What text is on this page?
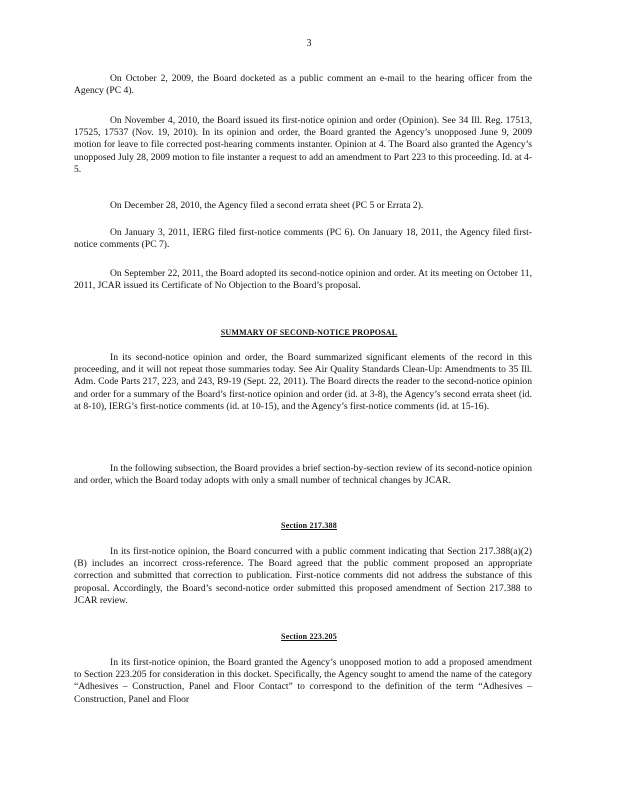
3

On October 2, 2009, the Board docketed as a public comment an e-mail to the hearing officer from the Agency (PC 4).

On November 4, 2010, the Board issued its first-notice opinion and order (Opinion). See 34 Ill. Reg. 17513, 17525, 17537 (Nov. 19, 2010). In its opinion and order, the Board granted the Agency’s unopposed June 9, 2009 motion for leave to file corrected post-hearing comments instanter. Opinion at 4. The Board also granted the Agency’s unopposed July 28, 2009 motion to file instanter a request to add an amendment to Part 223 to this proceeding. Id. at 4-5.

On December 28, 2010, the Agency filed a second errata sheet (PC 5 or Errata 2).

On January 3, 2011, IERG filed first-notice comments (PC 6). On January 18, 2011, the Agency filed first-notice comments (PC 7).

On September 22, 2011, the Board adopted its second-notice opinion and order. At its meeting on October 11, 2011, JCAR issued its Certificate of No Objection to the Board’s proposal.

SUMMARY OF SECOND-NOTICE PROPOSAL

In its second-notice opinion and order, the Board summarized significant elements of the record in this proceeding, and it will not repeat those summaries today. See Air Quality Standards Clean-Up: Amendments to 35 Ill. Adm. Code Parts 217, 223, and 243, R9-19 (Sept. 22, 2011). The Board directs the reader to the second-notice opinion and order for a summary of the Board’s first-notice opinion and order (id. at 3-8), the Agency’s second errata sheet (id. at 8-10), IERG’s first-notice comments (id. at 10-15), and the Agency’s first-notice comments (id. at 15-16).

In the following subsection, the Board provides a brief section-by-section review of its second-notice opinion and order, which the Board today adopts with only a small number of technical changes by JCAR.

Section 217.388

In its first-notice opinion, the Board concurred with a public comment indicating that Section 217.388(a)(2)(B) includes an incorrect cross-reference. The Board agreed that the public comment proposed an appropriate correction and submitted that correction to publication. First-notice comments did not address the substance of this proposal. Accordingly, the Board’s second-notice order submitted this proposed amendment of Section 217.388 to JCAR review.

Section 223.205

In its first-notice opinion, the Board granted the Agency’s unopposed motion to add a proposed amendment to Section 223.205 for consideration in this docket. Specifically, the Agency sought to amend the name of the category “Adhesives – Construction, Panel and Floor Contact” to correspond to the definition of the term “Adhesives – Construction, Panel and Floor
